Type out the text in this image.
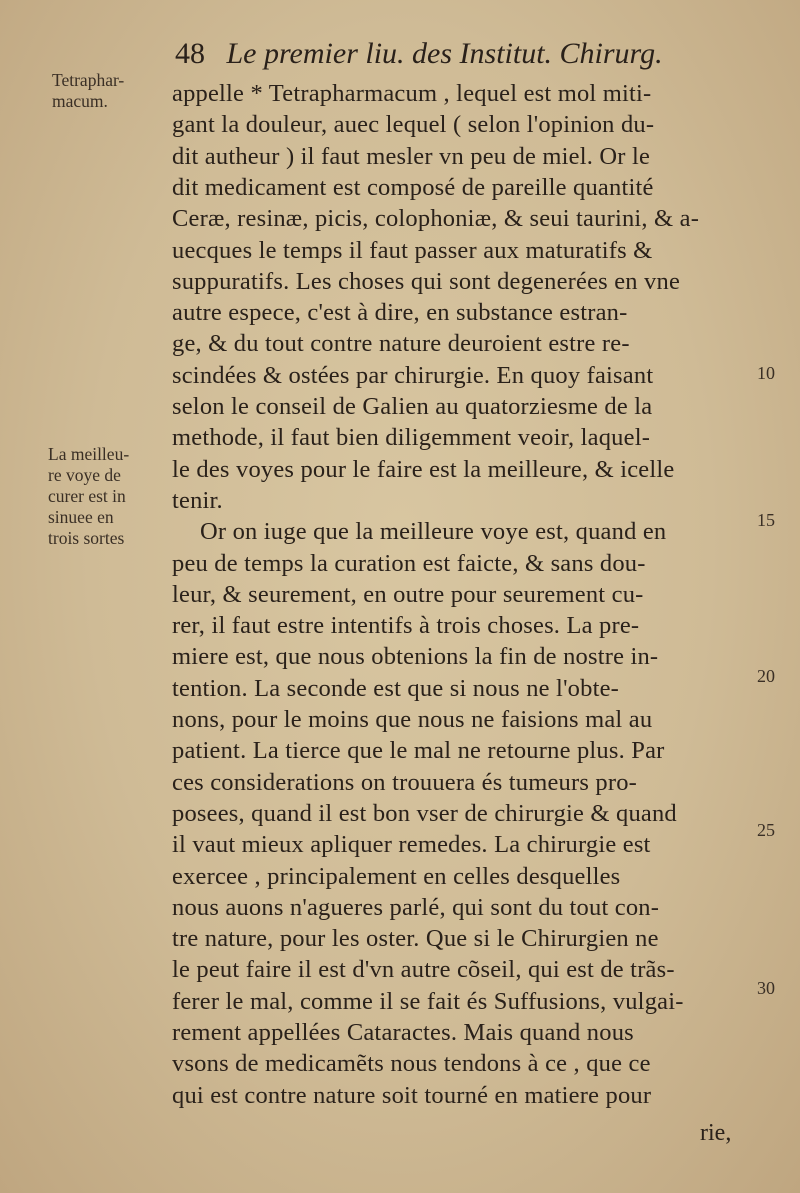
48 Le premier liu. des Institut. Chirurg.
Tetraphar-
macum.
La meilleu-
re voye de
curer est in
sinuee en
trois sortes
10
15
20
25
30
appelle * Tetrapharmacum , lequel est mol miti-
gant la douleur, auec lequel ( selon l'opinion du-
dit autheur ) il faut mesler vn peu de miel. Or le
dit medicament est composé de pareille quantité
Ceræ, resinæ, picis, colophoniæ, & seui taurini, & a-
uecques le temps il faut passer aux maturatifs &
suppuratifs. Les choses qui sont degenerées en vne
autre espece, c'est à dire, en substance estran-
ge, & du tout contre nature deuroient estre re-
scindées & ostées par chirurgie. En quoy faisant
selon le conseil de Galien au quatorziesme de la
methode, il faut bien diligemment veoir, laquel-
le des voyes pour le faire est la meilleure, & icelle
tenir.
Or on iuge que la meilleure voye est, quand en
peu de temps la curation est faicte, & sans dou-
leur, & seurement, en outre pour seurement cu-
rer, il faut estre intentifs à trois choses. La pre-
miere est, que nous obtenions la fin de nostre in-
tention. La seconde est que si nous ne l'obte-
nons, pour le moins que nous ne faisions mal au
patient. La tierce que le mal ne retourne plus. Par
ces considerations on trouuera és tumeurs pro-
posees, quand il est bon vser de chirurgie & quand
il vaut mieux apliquer remedes. La chirurgie est
exercee , principalement en celles desquelles
nous auons n'agueres parlé, qui sont du tout con-
tre nature, pour les oster. Que si le Chirurgien ne
le peut faire il est d'vn autre cõseil, qui est de trãs-
ferer le mal, comme il se fait és Suffusions, vulgai-
rement appellées Cataractes. Mais quand nous
vsons de medicamẽts nous tendons à ce , que ce
qui est contre nature soit tourné en matiere pour
rie,
